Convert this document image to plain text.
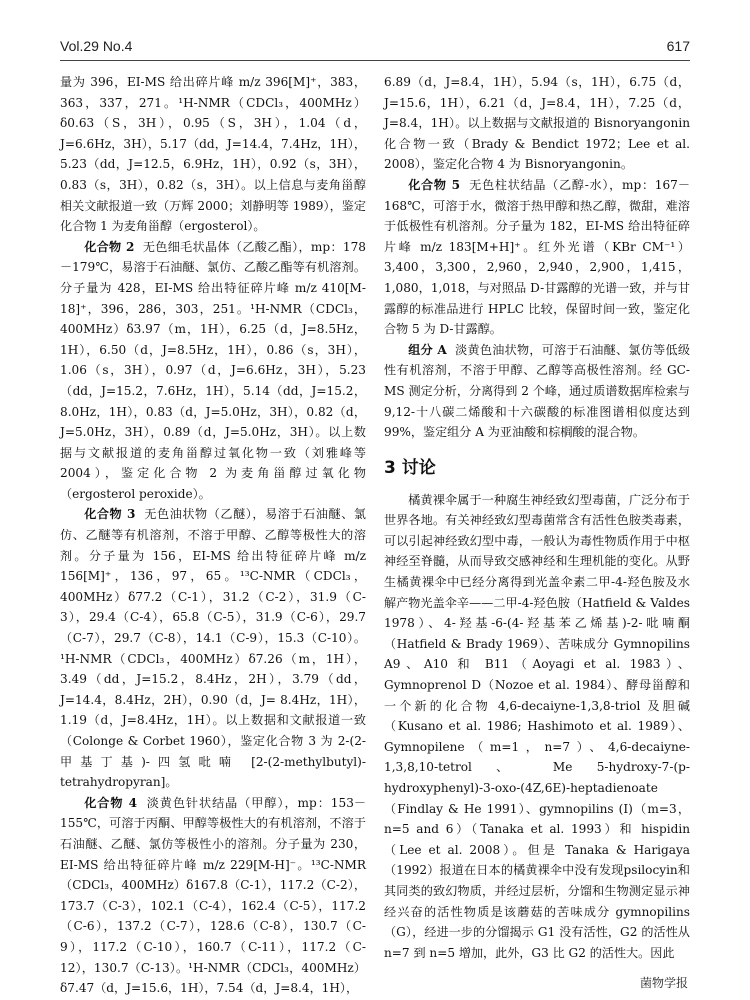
Vol.29 No.4	617

量为 396，EI-MS 给出碎片峰 m/z 396[M]⁺，383，363，337，271。¹H-NMR（CDCl₃，400MHz）δ0.63（S，3H），0.95（S，3H），1.04（d，J=6.6Hz，3H），5.17（dd，J=14.4，7.4Hz，1H），5.23（dd，J=12.5，6.9Hz，1H），0.92（s，3H），0.83（s，3H），0.82（s，3H）。以上信息与麦角甾醇相关文献报道一致（万辉 2000；刘静明等 1989），鉴定化合物 1 为麦角甾醇（ergosterol）。

化合物 2 无色细毛状晶体（乙酸乙酯），mp：178－179℃，易溶于石油醚、氯仿、乙酸乙酯等有机溶剂。分子量为 428，EI-MS 给出特征碎片峰 m/z 410[M-18]⁺，396，286，303，251。¹H-NMR（CDCl₃，400MHz）δ3.97（m，1H），6.25（d，J=8.5Hz，1H），6.50（d，J=8.5Hz，1H），0.86（s，3H），1.06（s，3H），0.97（d，J=6.6Hz，3H），5.23（dd，J=15.2，7.6Hz，1H），5.14（dd，J=15.2，8.0Hz，1H），0.83（d，J=5.0Hz，3H），0.82（d，J=5.0Hz，3H），0.89（d，J=5.0Hz，3H）。以上数据与文献报道的麦角甾醇过氧化物一致（刘雅峰等 2004），鉴定化合物 2 为麦角甾醇过氧化物（ergosterol peroxide）。

化合物 3 无色油状物（乙醚），易溶于石油醚、氯仿、乙醚等有机溶剂，不溶于甲醇、乙醇等极性大的溶剂。分子量为 156，EI-MS 给出特征碎片峰 m/z 156[M]⁺，136，97，65。¹³C-NMR（CDCl₃，400MHz）δ77.2（C-1），31.2（C-2），31.9（C-3），29.4（C-4），65.8（C-5），31.9（C-6），29.7（C-7），29.7（C-8），14.1（C-9），15.3（C-10）。¹H-NMR（CDCl₃，400MHz）δ7.26（m，1H），3.49（dd，J=15.2，8.4Hz，2H），3.79（dd，J=14.4，8.4Hz，2H），0.90（d，J= 8.4Hz，1H），1.19（d，J=8.4Hz，1H）。以上数据和文献报道一致（Colonge & Corbet 1960），鉴定化合物 3 为 2-(2-甲基丁基)-四氢吡喃 [2-(2-methylbutyl)- tetrahydropyran]。

化合物 4 淡黄色针状结晶（甲醇），mp：153－155℃，可溶于丙酮、甲醇等极性大的有机溶剂，不溶于石油醚、乙醚、氯仿等极性小的溶剂。分子量为 230，EI-MS 给出特征碎片峰 m/z 229[M-H]⁻。¹³C-NMR（CDCl₃，400MHz）δ167.8（C-1），117.2（C-2），173.7（C-3），102.1（C-4），162.4（C-5），117.2（C-6），137.2（C-7），128.6（C-8），130.7（C-9），117.2（C-10），160.7（C-11），117.2（C-12），130.7（C-13）。¹H-NMR（CDCl₃，400MHz）δ7.47（d，J=15.6，1H），7.54（d，J=8.4，1H），

6.89（d，J=8.4，1H），5.94（s，1H），6.75（d，J=15.6，1H），6.21（d，J=8.4，1H），7.25（d，J=8.4，1H）。以上数据与文献报道的 Bisnoryangonin 化合物一致（Brady & Bendict 1972；Lee et al. 2008），鉴定化合物 4 为 Bisnoryangonin。

化合物 5 无色柱状结晶（乙醇-水），mp：167－168℃，可溶于水，微溶于热甲醇和热乙醇，微甜，难溶于低极性有机溶剂。分子量为 182，EI-MS 给出特征碎片峰 m/z 183[M+H]⁺。红外光谱（KBr CM⁻¹）3,400，3,300，2,960，2,940，2,900，1,415，1,080，1,018，与对照品 D-甘露醇的光谱一致，并与甘露醇的标准品进行 HPLC 比较，保留时间一致，鉴定化合物 5 为 D-甘露醇。

组分 A 淡黄色油状物，可溶于石油醚、氯仿等低级性有机溶剂，不溶于甲醇、乙醇等高极性溶剂。经 GC-MS 测定分析，分离得到 2 个峰，通过质谱数据库检索与 9,12-十八碳二烯酸和十六碳酸的标准图谱相似度达到 99%，鉴定组分 A 为亚油酸和棕榈酸的混合物。

3 讨论

橘黄裸伞属于一种腐生神经致幻型毒菌，广泛分布于世界各地。有关神经致幻型毒菌常含有活性色胺类毒素，可以引起神经致幻型中毒，一般认为毒性物质作用于中枢神经至脊髓，从而导致交感神经和生理机能的变化。从野生橘黄裸伞中已经分离得到光盖伞素二甲-4-羟色胺及水解产物光盖伞辛——二甲-4-羟色胺（Hatfield & Valdes 1978）、4-羟基-6-(4-羟基苯乙烯基)-2-吡喃酮（Hatfield & Brady 1969）、苦味成分 Gymnopilins A9、A10 和 B11（Aoyagi et al. 1983）、Gymnoprenol D（Nozoe et al. 1984）、酵母甾醇和一个新的化合物 4,6-decaiyne-1,3,8-triol 及胆碱（Kusano et al. 1986; Hashimoto et al. 1989）、Gymnopilene（m=1，n=7）、4,6-decaiyne-1,3,8,10-tetrol 、 Me 5-hydroxy-7-(p-hydroxyphenyl)-3-oxo-(4Z,6E)-heptadienoate（Findlay & He 1991）、gymnopilins (I)（m=3，n=5 and 6）（Tanaka et al. 1993）和 hispidin（Lee et al. 2008）。但是 Tanaka & Harigaya（1992）报道在日本的橘黄裸伞中没有发现psilocyin和其同类的致幻物质，并经过层析，分馏和生物测定显示神经兴奋的活性物质是该蘑菇的苦味成分 gymnopilins（G），经进一步的分馏揭示 G1 没有活性，G2 的活性从 n=7 到 n=5 增加，此外，G3 比 G2 的活性大。因此

菌物学报
